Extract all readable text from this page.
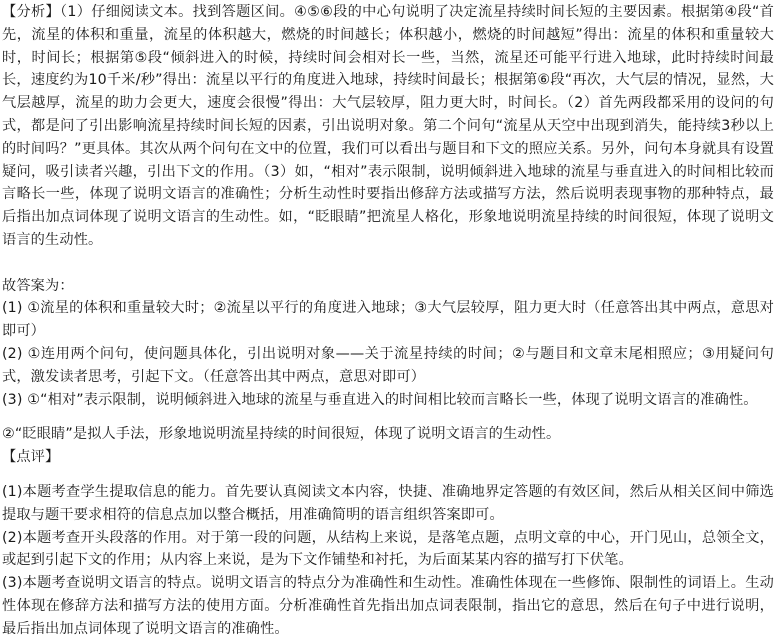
【分析】（1）仔细阅读文本。找到答题区间。④⑤⑥段的中心句说明了决定流星持续时间长短的主要因素。根据第④段“首先，流星的体积和重量，流星的体积越大，燃烧的时间越长；体积越小，燃烧的时间越短”得出：流星的体积和重量较大时，时间长；根据第⑤段“倾斜进入的时候，持续时间会相对长一些，当然，流星还可能平行进入地球，此时持续时间最长，速度约为10千米/秒”得出：流星以平行的角度进入地球，持续时间最长；根据第⑥段“再次，大气层的情况，显然，大气层越厚，流星的助力会更大，速度会很慢”得出：大气层较厚，阻力更大时，时间长。（2）首先两段都采用的设问的句式，都是问了引出影响流星持续时间长短的因素，引出说明对象。第二个问句“流星从天空中出现到消失，能持续3秒以上的时间吗？”更具体。其次从两个问句在文中的位置，我们可以看出与题目和下文的照应关系。另外，问句本身就具有设置疑问，吸引读者兴趣，引出下文的作用。（3）如，“相对”表示限制，说明倾斜进入地球的流星与垂直进入的时间相比较而言略长一些，体现了说明文语言的准确性；分析生动性时要指出修辞方法或描写方法，然后说明表现事物的那种特点，最后指出加点词体现了说明文语言的生动性。如，“眨眼睛”把流星人格化，形象地说明流星持续的时间很短，体现了说明文语言的生动性。

故答案为：

(1) ①流星的体积和重量较大时；②流星以平行的角度进入地球；③大气层较厚，阻力更大时（任意答出其中两点，意思对即可）

(2) ①连用两个问句，使问题具体化，引出说明对象——关于流星持续的时间；②与题目和文章末尾相照应；③用疑问句式，激发读者思考，引起下文。（任意答出其中两点，意思对即可）

(3) ①“相对”表示限制，说明倾斜进入地球的流星与垂直进入的时间相比较而言略长一些，体现了说明文语言的准确性。

②“眨眼睛”是拟人手法，形象地说明流星持续的时间很短，体现了说明文语言的生动性。

【点评】

(1)本题考查学生提取信息的能力。首先要认真阅读文本内容，快捷、准确地界定答题的有效区间，然后从相关区间中筛选提取与题干要求相符的信息点加以整合概括，用准确简明的语言组织答案即可。

(2)本题考查开头段落的作用。对于第一段的问题，从结构上来说，是落笔点题，点明文章的中心，开门见山，总领全文，或起到引起下文的作用；从内容上来说，是为下文作铺垫和衬托，为后面某某内容的描写打下伏笔。

(3)本题考查说明文语言的特点。说明文语言的特点分为准确性和生动性。准确性体现在一些修饰、限制性的词语上。生动性体现在修辞方法和描写方法的使用方面。分析准确性首先指出加点词表限制，指出它的意思，然后在句子中进行说明，最后指出加点词体现了说明文语言的准确性。
